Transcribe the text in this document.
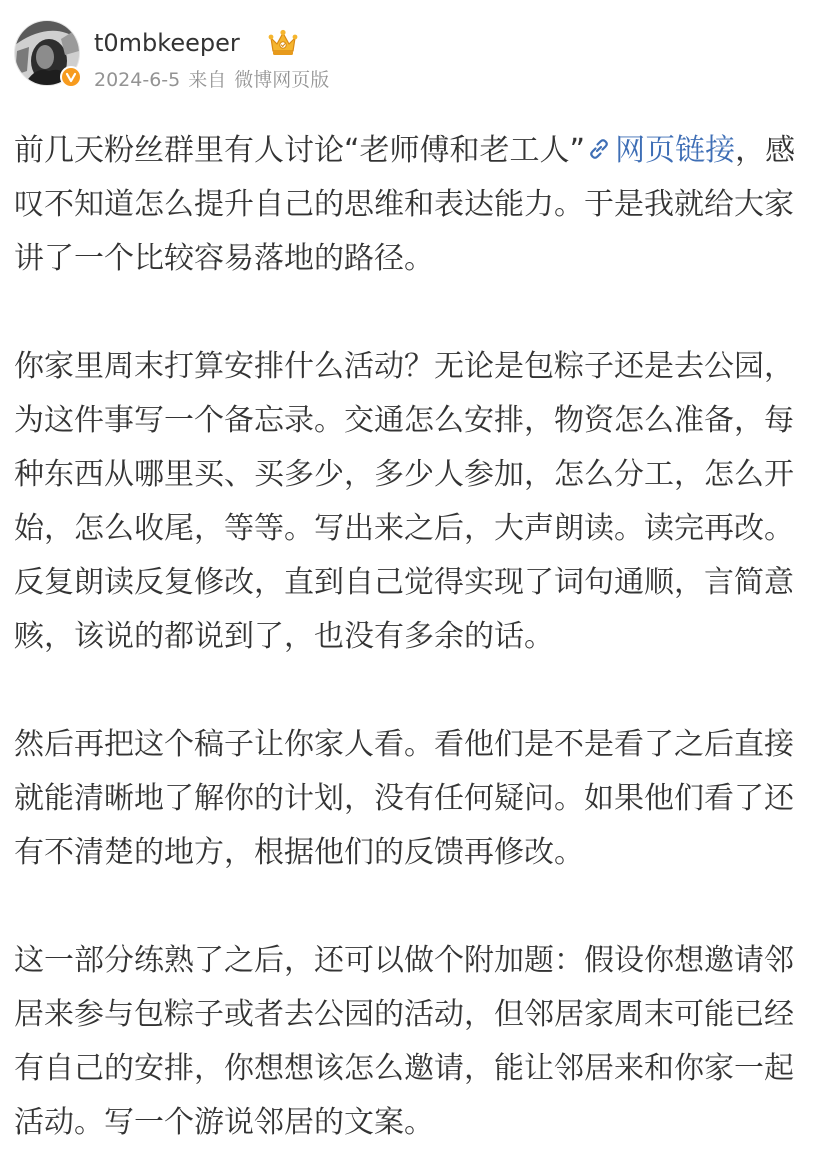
t0mbkeeper
2024-6-5 来自 微博网页版

前几天粉丝群里有人讨论“老师傅和老工人” 网页链接，感叹不知道怎么提升自己的思维和表达能力。于是我就给大家讲了一个比较容易落地的路径。

你家里周末打算安排什么活动？无论是包粽子还是去公园，为这件事写一个备忘录。交通怎么安排，物资怎么准备，每种东西从哪里买、买多少，多少人参加，怎么分工，怎么开始，怎么收尾，等等。写出来之后，大声朗读。读完再改。反复朗读反复修改，直到自己觉得实现了词句通顺，言简意赅，该说的都说到了，也没有多余的话。

然后再把这个稿子让你家人看。看他们是不是看了之后直接就能清晰地了解你的计划，没有任何疑问。如果他们看了还有不清楚的地方，根据他们的反馈再修改。

这一部分练熟了之后，还可以做个附加题：假设你想邀请邻居来参与包粽子或者去公园的活动，但邻居家周末可能已经有自己的安排，你想想该怎么邀请，能让邻居来和你家一起活动。写一个游说邻居的文案。
